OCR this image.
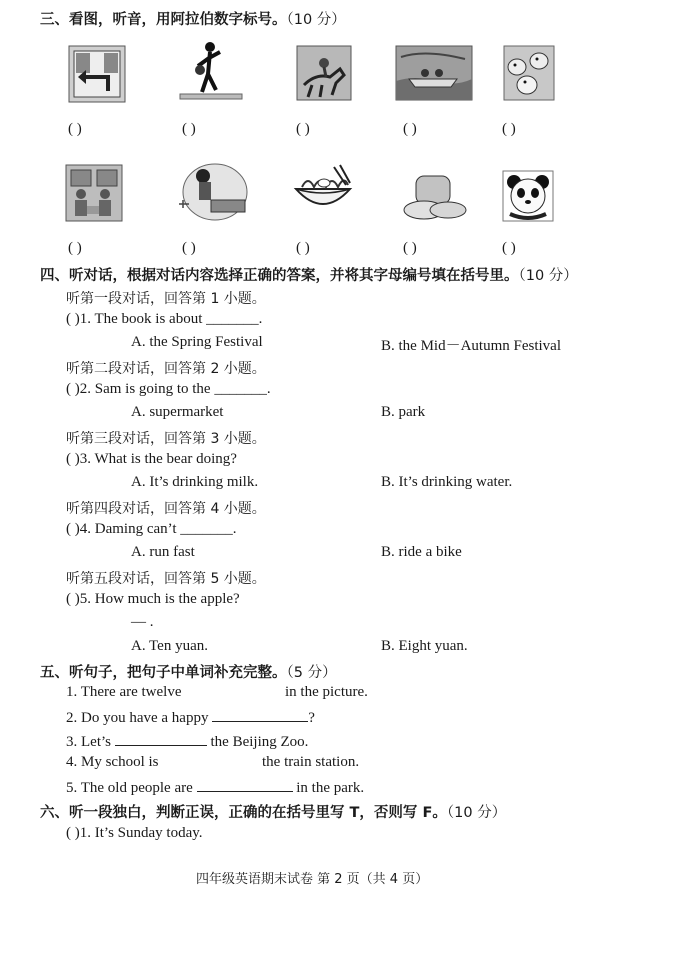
三、看图，听音，用阿拉伯数字标号。（10 分）
( )	( )	( )	( )	( )
( )	( )	( )	( )	( )
四、听对话，根据对话内容选择正确的答案，并将其字母编号填在括号里。（10 分）
听第一段对话，回答第 1 小题。
( )1. The book is about _______.
A. the Spring Festival	B. the Mid－Autumn Festival
听第二段对话，回答第 2 小题。
( )2. Sam is going to the _______.
A. supermarket	B. park
听第三段对话，回答第 3 小题。
( )3. What is the bear doing?
A. It’s drinking milk.	B. It’s drinking water.
听第四段对话，回答第 4 小题。
( )4. Daming can’t _______.
A. run fast	B. ride a bike
听第五段对话，回答第 5 小题。
( )5. How much is the apple?
— .
A. Ten yuan.	B. Eight yuan.
五、听句子，把句子中单词补充完整。（5 分）
1. There are twelve	in the picture.
2. Do you have a happy	?
3. Let’s	the Beijing Zoo.
4. My school is	the train station.
5. The old people are	in the park.
六、听一段独白，判断正误，正确的在括号里写 T，否则写 F。（10 分）
( )1. It’s Sunday today.
四年级英语期末试卷 第 2 页（共 4 页）
